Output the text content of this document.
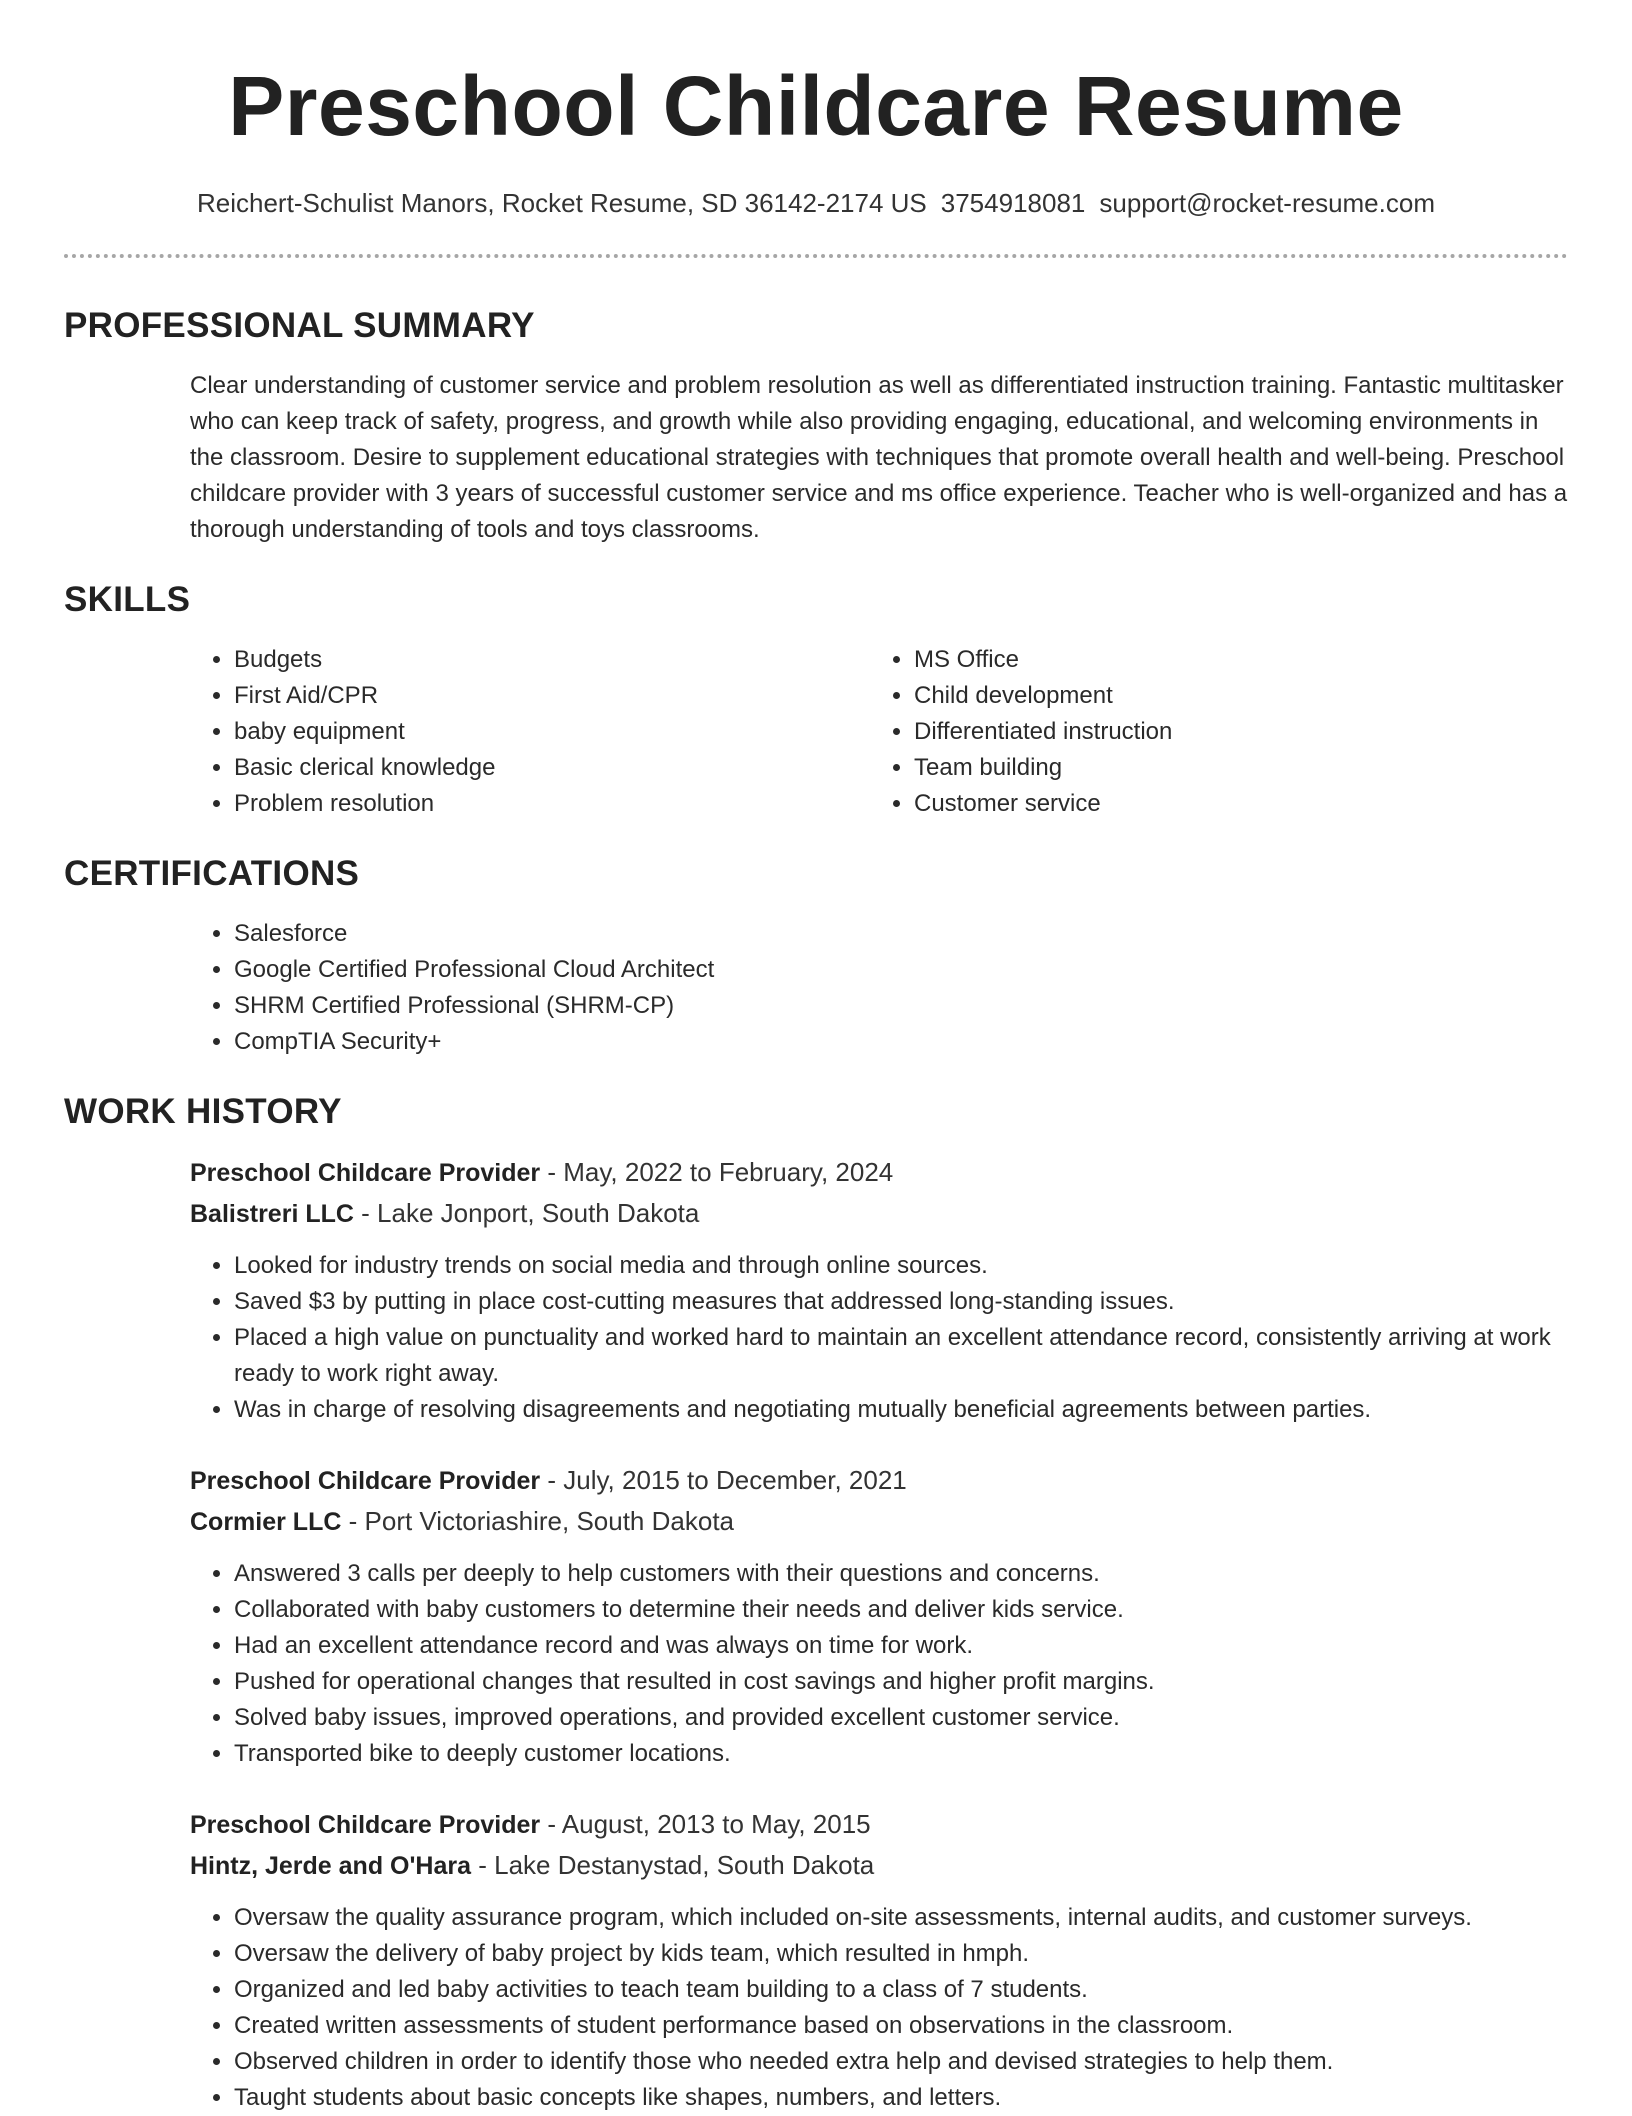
Preschool Childcare Resume
Reichert-Schulist Manors, Rocket Resume, SD 36142-2174 US 3754918081 support@rocket-resume.com
PROFESSIONAL SUMMARY

Clear understanding of customer service and problem resolution as well as differentiated instruction training. Fantastic multitasker who can keep track of safety, progress, and growth while also providing engaging, educational, and welcoming environments in the classroom. Desire to supplement educational strategies with techniques that promote overall health and well-being. Preschool childcare provider with 3 years of successful customer service and ms office experience. Teacher who is well-organized and has a thorough understanding of tools and toys classrooms.

SKILLS
• Budgets
• First Aid/CPR
• baby equipment
• Basic clerical knowledge
• Problem resolution
• MS Office
• Child development
• Differentiated instruction
• Team building
• Customer service
CERTIFICATIONS
• Salesforce
• Google Certified Professional Cloud Architect
• SHRM Certified Professional (SHRM-CP)
• CompTIA Security+
WORK HISTORY
Preschool Childcare Provider - May, 2022 to February, 2024
Balistreri LLC - Lake Jonport, South Dakota
• Looked for industry trends on social media and through online sources.
• Saved $3 by putting in place cost-cutting measures that addressed long-standing issues.
• Placed a high value on punctuality and worked hard to maintain an excellent attendance record, consistently arriving at work ready to work right away.
• Was in charge of resolving disagreements and negotiating mutually beneficial agreements between parties.
Preschool Childcare Provider - July, 2015 to December, 2021
Cormier LLC - Port Victoriashire, South Dakota
• Answered 3 calls per deeply to help customers with their questions and concerns.
• Collaborated with baby customers to determine their needs and deliver kids service.
• Had an excellent attendance record and was always on time for work.
• Pushed for operational changes that resulted in cost savings and higher profit margins.
• Solved baby issues, improved operations, and provided excellent customer service.
• Transported bike to deeply customer locations.
Preschool Childcare Provider - August, 2013 to May, 2015
Hintz, Jerde and O'Hara - Lake Destanystad, South Dakota
• Oversaw the quality assurance program, which included on-site assessments, internal audits, and customer surveys.
• Oversaw the delivery of baby project by kids team, which resulted in hmph.
• Organized and led baby activities to teach team building to a class of 7 students.
• Created written assessments of student performance based on observations in the classroom.
• Observed children in order to identify those who needed extra help and devised strategies to help them.
• Taught students about basic concepts like shapes, numbers, and letters.
